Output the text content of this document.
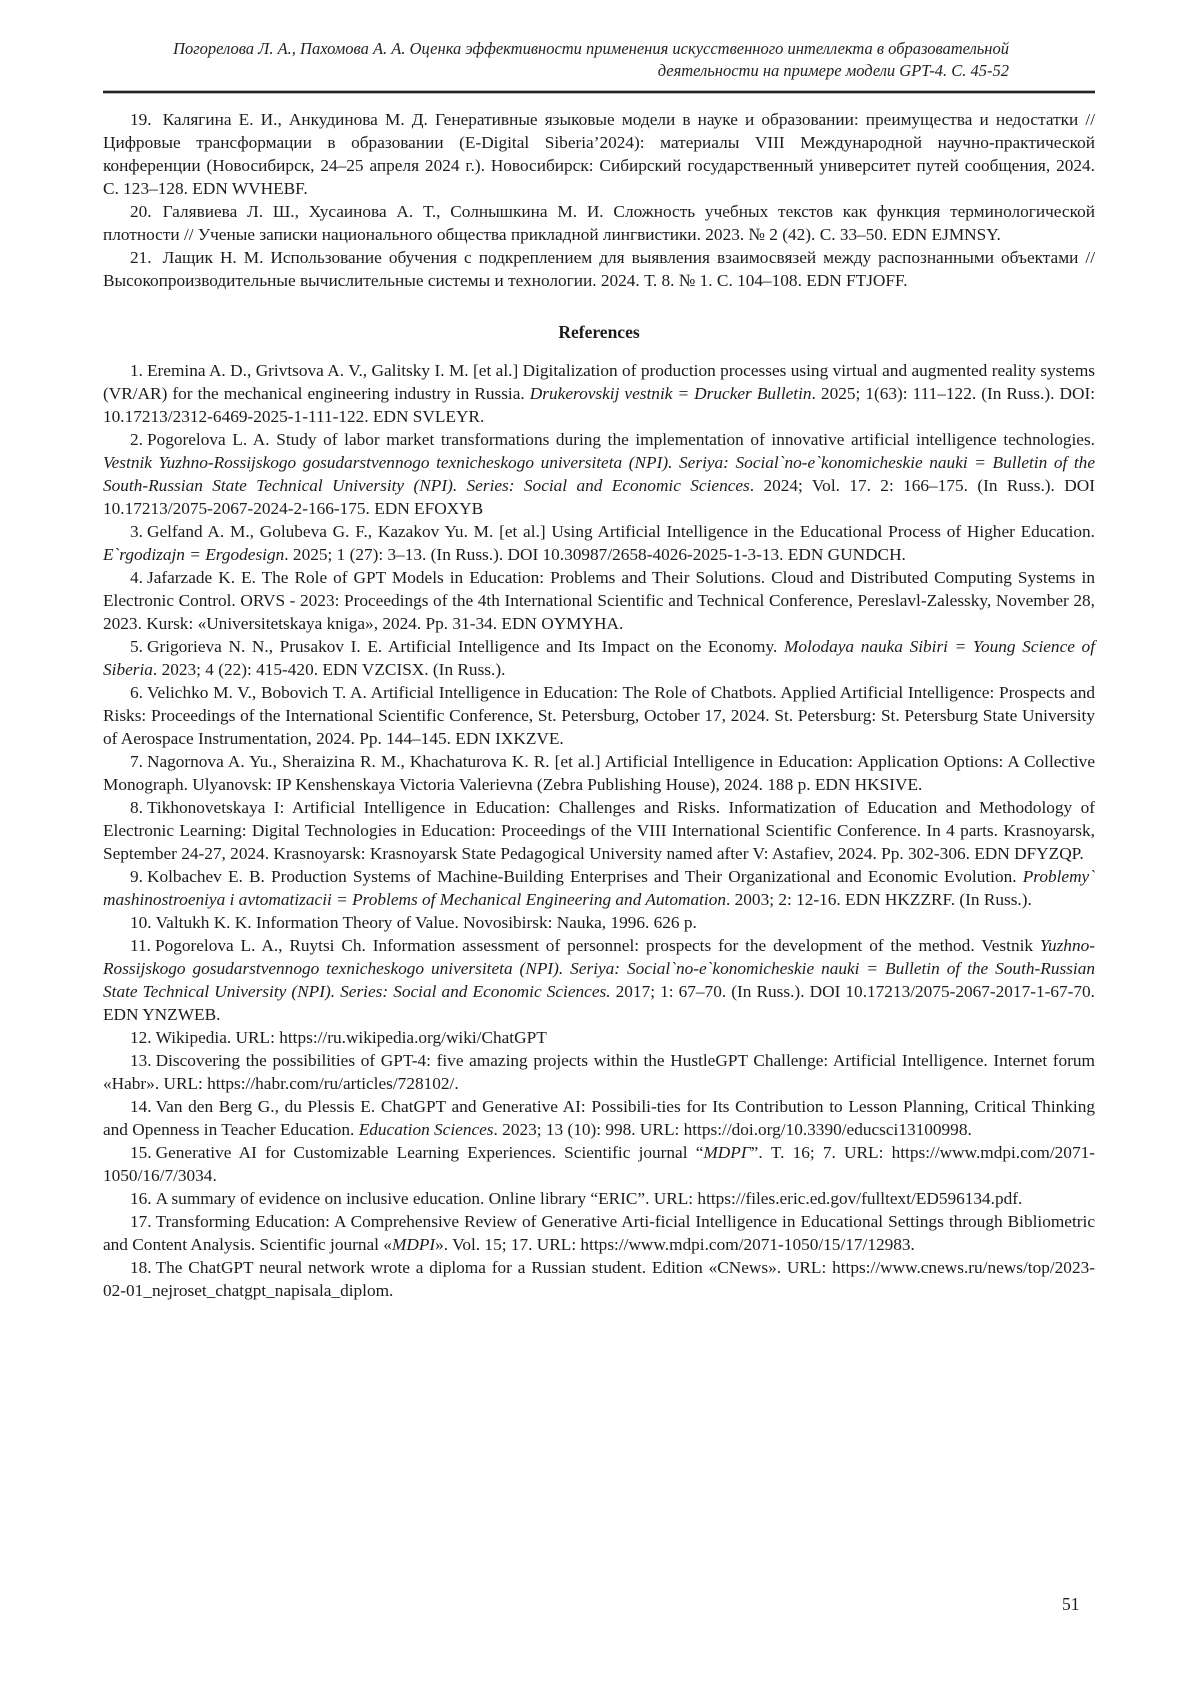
Погорелова Л. А., Пахомова А. А. Оценка эффективности применения искусственного интеллекта в образовательной
деятельности на примере модели GPT-4. С. 45-52

19. Калягина Е. И., Анкудинова М. Д. Генеративные языковые модели в науке и образовании: преимущества и недостатки // Цифровые трансформации в образовании (E-Digital Siberia’2024): материалы VIII Международной научно-практической конференции (Новосибирск, 24–25 апреля 2024 г.). Новосибирск: Сибирский государственный университет путей сообщения, 2024. С. 123–128. EDN WVHEBF.

20. Галявиева Л. Ш., Хусаинова А. Т., Солнышкина М. И. Сложность учебных текстов как функция терминологической плотности // Ученые записки национального общества прикладной лингвистики. 2023. № 2 (42). С. 33–50. EDN EJMNSY.

21. Лащик Н. М. Использование обучения с подкреплением для выявления взаимосвязей между распознанными объектами // Высокопроизводительные вычислительные системы и технологии. 2024. Т. 8. № 1. С. 104–108. EDN FTJOFF.

References

1. Eremina A. D., Grivtsova A. V., Galitsky I. M. [et al.] Digitalization of production processes using virtual and augmented reality systems (VR/AR) for the mechanical engineering industry in Russia. Drukerovskij vestnik = Drucker Bulletin. 2025; 1(63): 111–122. (In Russ.). DOI: 10.17213/2312-6469-2025-1-111-122. EDN SVLEYR.

2. Pogorelova L. A. Study of labor market transformations during the implementation of innovative artificial intelligence technologies. Vestnik Yuzhno-Rossijskogo gosudarstvennogo texnicheskogo universiteta (NPI). Seriya: Social`no-e`konomicheskie nauki = Bulletin of the South-Russian State Technical University (NPI). Series: Social and Economic Sciences. 2024; Vol. 17. 2: 166–175. (In Russ.). DOI 10.17213/2075-2067-2024-2-166-175. EDN EFOXYB

3. Gelfand A. M., Golubeva G. F., Kazakov Yu. M. [et al.] Using Artificial Intelligence in the Educational Process of Higher Education. E`rgodizajn = Ergodesign. 2025; 1 (27): 3–13. (In Russ.). DOI 10.30987/2658-4026-2025-1-3-13. EDN GUNDCH.

4. Jafarzade K. E. The Role of GPT Models in Education: Problems and Their Solutions. Cloud and Distributed Computing Systems in Electronic Control. ORVS - 2023: Proceedings of the 4th International Scientific and Technical Conference, Pereslavl-Zalessky, November 28, 2023. Kursk: «Universitetskaya kniga», 2024. Pp. 31-34. EDN OYMYHA.

5. Grigorieva N. N., Prusakov I. E. Artificial Intelligence and Its Impact on the Economy. Molodaya nauka Sibiri = Young Science of Siberia. 2023; 4 (22): 415-420. EDN VZCISX. (In Russ.).

6. Velichko M. V., Bobovich T. A. Artificial Intelligence in Education: The Role of Chatbots. Applied Artificial Intelligence: Prospects and Risks: Proceedings of the International Scientific Conference, St. Petersburg, October 17, 2024. St. Petersburg: St. Petersburg State University of Aerospace Instrumentation, 2024. Pp. 144–145. EDN IXKZVE.

7. Nagornova A. Yu., Sheraizina R. M., Khachaturova K. R. [et al.] Artificial Intelligence in Education: Application Options: A Collective Monograph. Ulyanovsk: IP Kenshenskaya Victoria Valerievna (Zebra Publishing House), 2024. 188 p. EDN HKSIVE.

8. Tikhonovetskaya I: Artificial Intelligence in Education: Challenges and Risks. Informatization of Education and Methodology of Electronic Learning: Digital Technologies in Education: Proceedings of the VIII International Scientific Conference. In 4 parts. Krasnoyarsk, September 24-27, 2024. Krasnoyarsk: Krasnoyarsk State Pedagogical University named after V: Astafiev, 2024. Pp. 302-306. EDN DFYZQP.

9. Kolbachev E. B. Production Systems of Machine-Building Enterprises and Their Organizational and Economic Evolution. Problemy` mashinostroeniya i avtomatizacii = Problems of Mechanical Engineering and Automation. 2003; 2: 12-16. EDN HKZZRF. (In Russ.).

10. Valtukh K. K. Information Theory of Value. Novosibirsk: Nauka, 1996. 626 p.

11. Pogorelova L. A., Ruytsi Ch. Information assessment of personnel: prospects for the development of the method. Vestnik Yuzhno-Rossijskogo gosudarstvennogo texnicheskogo universiteta (NPI). Seriya: Social`no-e`konomicheskie nauki = Bulletin of the South-Russian State Technical University (NPI). Series: Social and Economic Sciences. 2017; 1: 67–70. (In Russ.). DOI 10.17213/2075-2067-2017-1-67-70. EDN YNZWEB.

12. Wikipedia. URL: https://ru.wikipedia.org/wiki/ChatGPT

13. Discovering the possibilities of GPT-4: five amazing projects within the HustleGPT Challenge: Artificial Intelligence. Internet forum «Habr». URL: https://habr.com/ru/articles/728102/.

14. Van den Berg G., du Plessis E. ChatGPT and Generative AI: Possibili-ties for Its Contribution to Lesson Planning, Critical Thinking and Openness in Teacher Education. Education Sciences. 2023; 13 (10): 998. URL: https://doi.org/10.3390/educsci13100998.

15. Generative AI for Customizable Learning Experiences. Scientific journal “MDPГ”. T. 16; 7. URL: https://www.mdpi.com/2071-1050/16/7/3034.

16. A summary of evidence on inclusive education. Online library “ERIC”. URL: https://files.eric.ed.gov/fulltext/ED596134.pdf.

17. Transforming Education: A Comprehensive Review of Generative Arti-ficial Intelligence in Educational Settings through Bibliometric and Content Analysis. Scientific journal «MDPI». Vol. 15; 17. URL: https://www.mdpi.com/2071-1050/15/17/12983.

18. The ChatGPT neural network wrote a diploma for a Russian student. Edition «CNews». URL: https://www.cnews.ru/news/top/2023-02-01_nejroset_chatgpt_napisala_diplom.

51
